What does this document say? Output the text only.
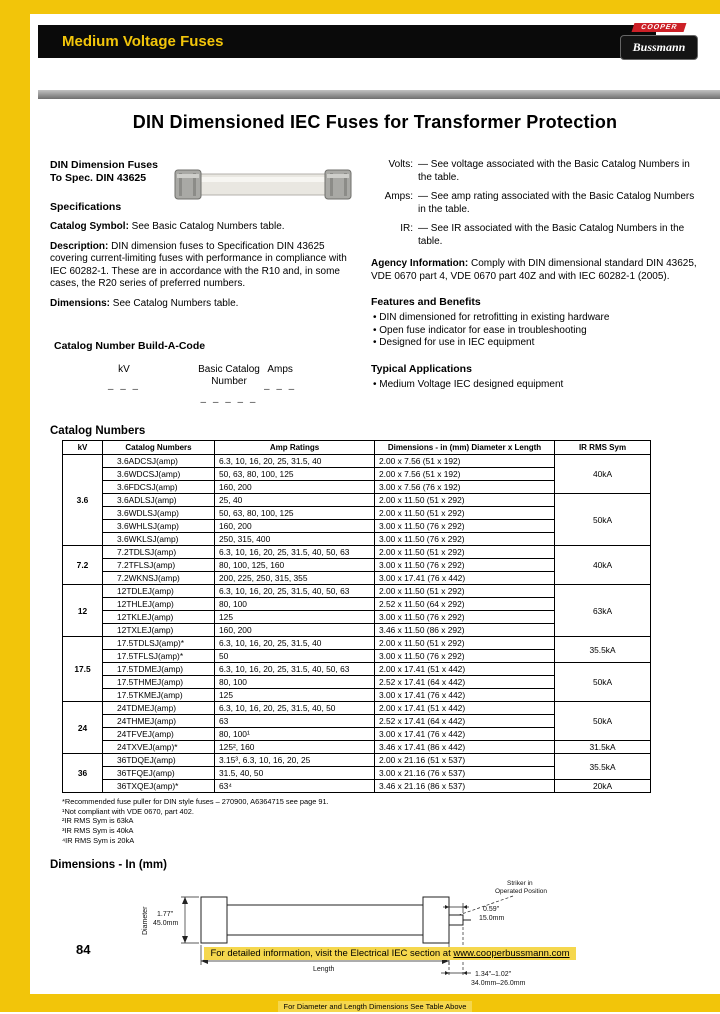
Medium Voltage Fuses
COOPER
Bussmann
DIN Dimensioned IEC Fuses for Transformer Protection
DIN Dimension Fuses
To Spec. DIN 43625
Specifications
Catalog Symbol: See Basic Catalog Numbers table.
Description: DIN dimension fuses to Specification DIN 43625 covering current-limiting fuses with performance in compliance with IEC 60282-1. These are in accordance with the R10 and, in some cases, the R20 series of preferred numbers.
Dimensions: See Catalog Numbers table.
Catalog Number Build-A-Code
kV
– – –
Basic Catalog Number
– – – – –
Amps
– – –
Volts: — See voltage associated with the Basic Catalog Numbers in the table.
Amps: — See amp rating associated with the Basic Catalog Numbers in the table.
IR: — See IR associated with the Basic Catalog Numbers in the table.
Agency Information: Comply with DIN dimensional standard DIN 43625, VDE 0670 part 4, VDE 0670 part 40Z and with IEC 60282-1 (2005).
Features and Benefits
• DIN dimensioned for retrofitting in existing hardware
• Open fuse indicator for ease in troubleshooting
• Designed for use in IEC equipment
Typical Applications
• Medium Voltage IEC designed equipment
Catalog Numbers
kV	Catalog Numbers	Amp Ratings	Dimensions - in (mm) Diameter x Length	IR RMS Sym
3.6	3.6ADCSJ(amp)	6.3, 10, 16, 20, 25, 31.5, 40	2.00 x 7.56 (51 x 192)	40kA
	3.6WDCSJ(amp)	50, 63, 80, 100, 125	2.00 x 7.56 (51 x 192)	
	3.6FDCSJ(amp)	160, 200	3.00 x 7.56 (76 x 192)	
	3.6ADLSJ(amp)	25, 40	2.00 x 11.50 (51 x 292)	50kA
	3.6WDLSJ(amp)	50, 63, 80, 100, 125	2.00 x 11.50 (51 x 292)	
	3.6WHLSJ(amp)	160, 200	3.00 x 11.50 (76 x 292)	
	3.6WKLSJ(amp)	250, 315, 400	3.00 x 11.50 (76 x 292)	
7.2	7.2TDLSJ(amp)	6.3, 10, 16, 20, 25, 31.5, 40, 50, 63	2.00 x 11.50 (51 x 292)	40kA
	7.2TFLSJ(amp)	80, 100, 125, 160	3.00 x 11.50 (76 x 292)	
	7.2WKNSJ(amp)	200, 225, 250, 315, 355	3.00 x 17.41 (76 x 442)	
12	12TDLEJ(amp)	6.3, 10, 16, 20, 25, 31.5, 40, 50, 63	2.00 x 11.50 (51 x 292)	63kA
	12THLEJ(amp)	80, 100	2.52 x 11.50 (64 x 292)	
	12TKLEJ(amp)	125	3.00 x 11.50 (76 x 292)	
	12TXLEJ(amp)	160, 200	3.46 x 11.50 (86 x 292)	
17.5	17.5TDLSJ(amp)*	6.3, 10, 16, 20, 25, 31.5, 40	2.00 x 11.50 (51 x 292)	35.5kA
	17.5TFLSJ(amp)*	50	3.00 x 11.50 (76 x 292)	
	17.5TDMEJ(amp)	6.3, 10, 16, 20, 25, 31.5, 40, 50, 63	2.00 x 17.41 (51 x 442)	50kA
	17.5THMEJ(amp)	80, 100	2.52 x 17.41 (64 x 442)	
	17.5TKMEJ(amp)	125	3.00 x 17.41 (76 x 442)	
24	24TDMEJ(amp)	6.3, 10, 16, 20, 25, 31.5, 40, 50	2.00 x 17.41 (51 x 442)	50kA
	24THMEJ(amp)	63	2.52 x 17.41 (64 x 442)	
	24TFVEJ(amp)	80, 100¹	3.00 x 17.41 (76 x 442)	
	24TXVEJ(amp)*	125², 160	3.46 x 17.41 (86 x 442)	31.5kA
36	36TDQEJ(amp)	3.15³, 6.3, 10, 16, 20, 25	2.00 x 21.16 (51 x 537)	35.5kA
	36TFQEJ(amp)	31.5, 40, 50	3.00 x 21.16 (76 x 537)	
	36TXQEJ(amp)*	63⁴	3.46 x 21.16 (86 x 537)	20kA
*Recommended fuse puller for DIN style fuses – 270900, A6364715 see page 91.
¹Not compliant with VDE 0670, part 402.
²IR RMS Sym is 63kA
³IR RMS Sym is 40kA
⁴IR RMS Sym is 20kA
Dimensions - In (mm)
Diameter 1.77"
45.0mm
Length
Striker in
Operated Position
0.59"
15.0mm
1.34"–1.02"
34.0mm–26.0mm
For Diameter and Length Dimensions See Table Above
84	For detailed information, visit the Electrical IEC section at www.cooperbussmann.com
